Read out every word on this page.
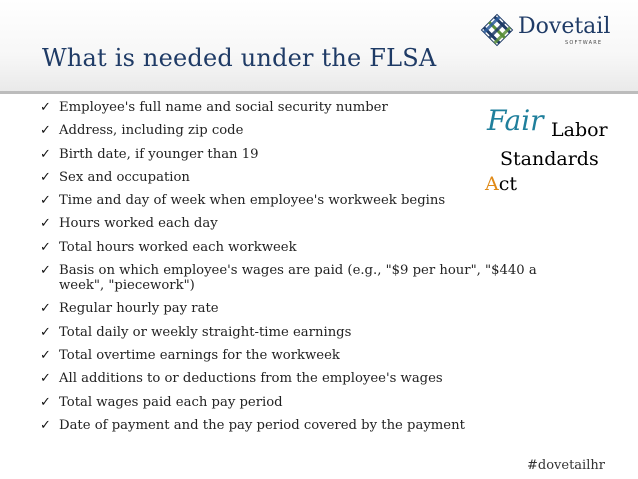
What is needed under the FLSA
Dovetail
SOFTWARE
✓ Employee's full name and social security number
✓ Address, including zip code
✓ Birth date, if younger than 19
✓ Sex and occupation
✓ Time and day of week when employee's workweek begins
✓ Hours worked each day
✓ Total hours worked each workweek
✓ Basis on which employee's wages are paid (e.g., "$9 per hour", "$440 a week", "piecework")
✓ Regular hourly pay rate
✓ Total daily or weekly straight-time earnings
✓ Total overtime earnings for the workweek
✓ All additions to or deductions from the employee's wages
✓ Total wages paid each pay period
✓ Date of payment and the pay period covered by the payment
Fair Labor
Standards
Act
#dovetailhr
